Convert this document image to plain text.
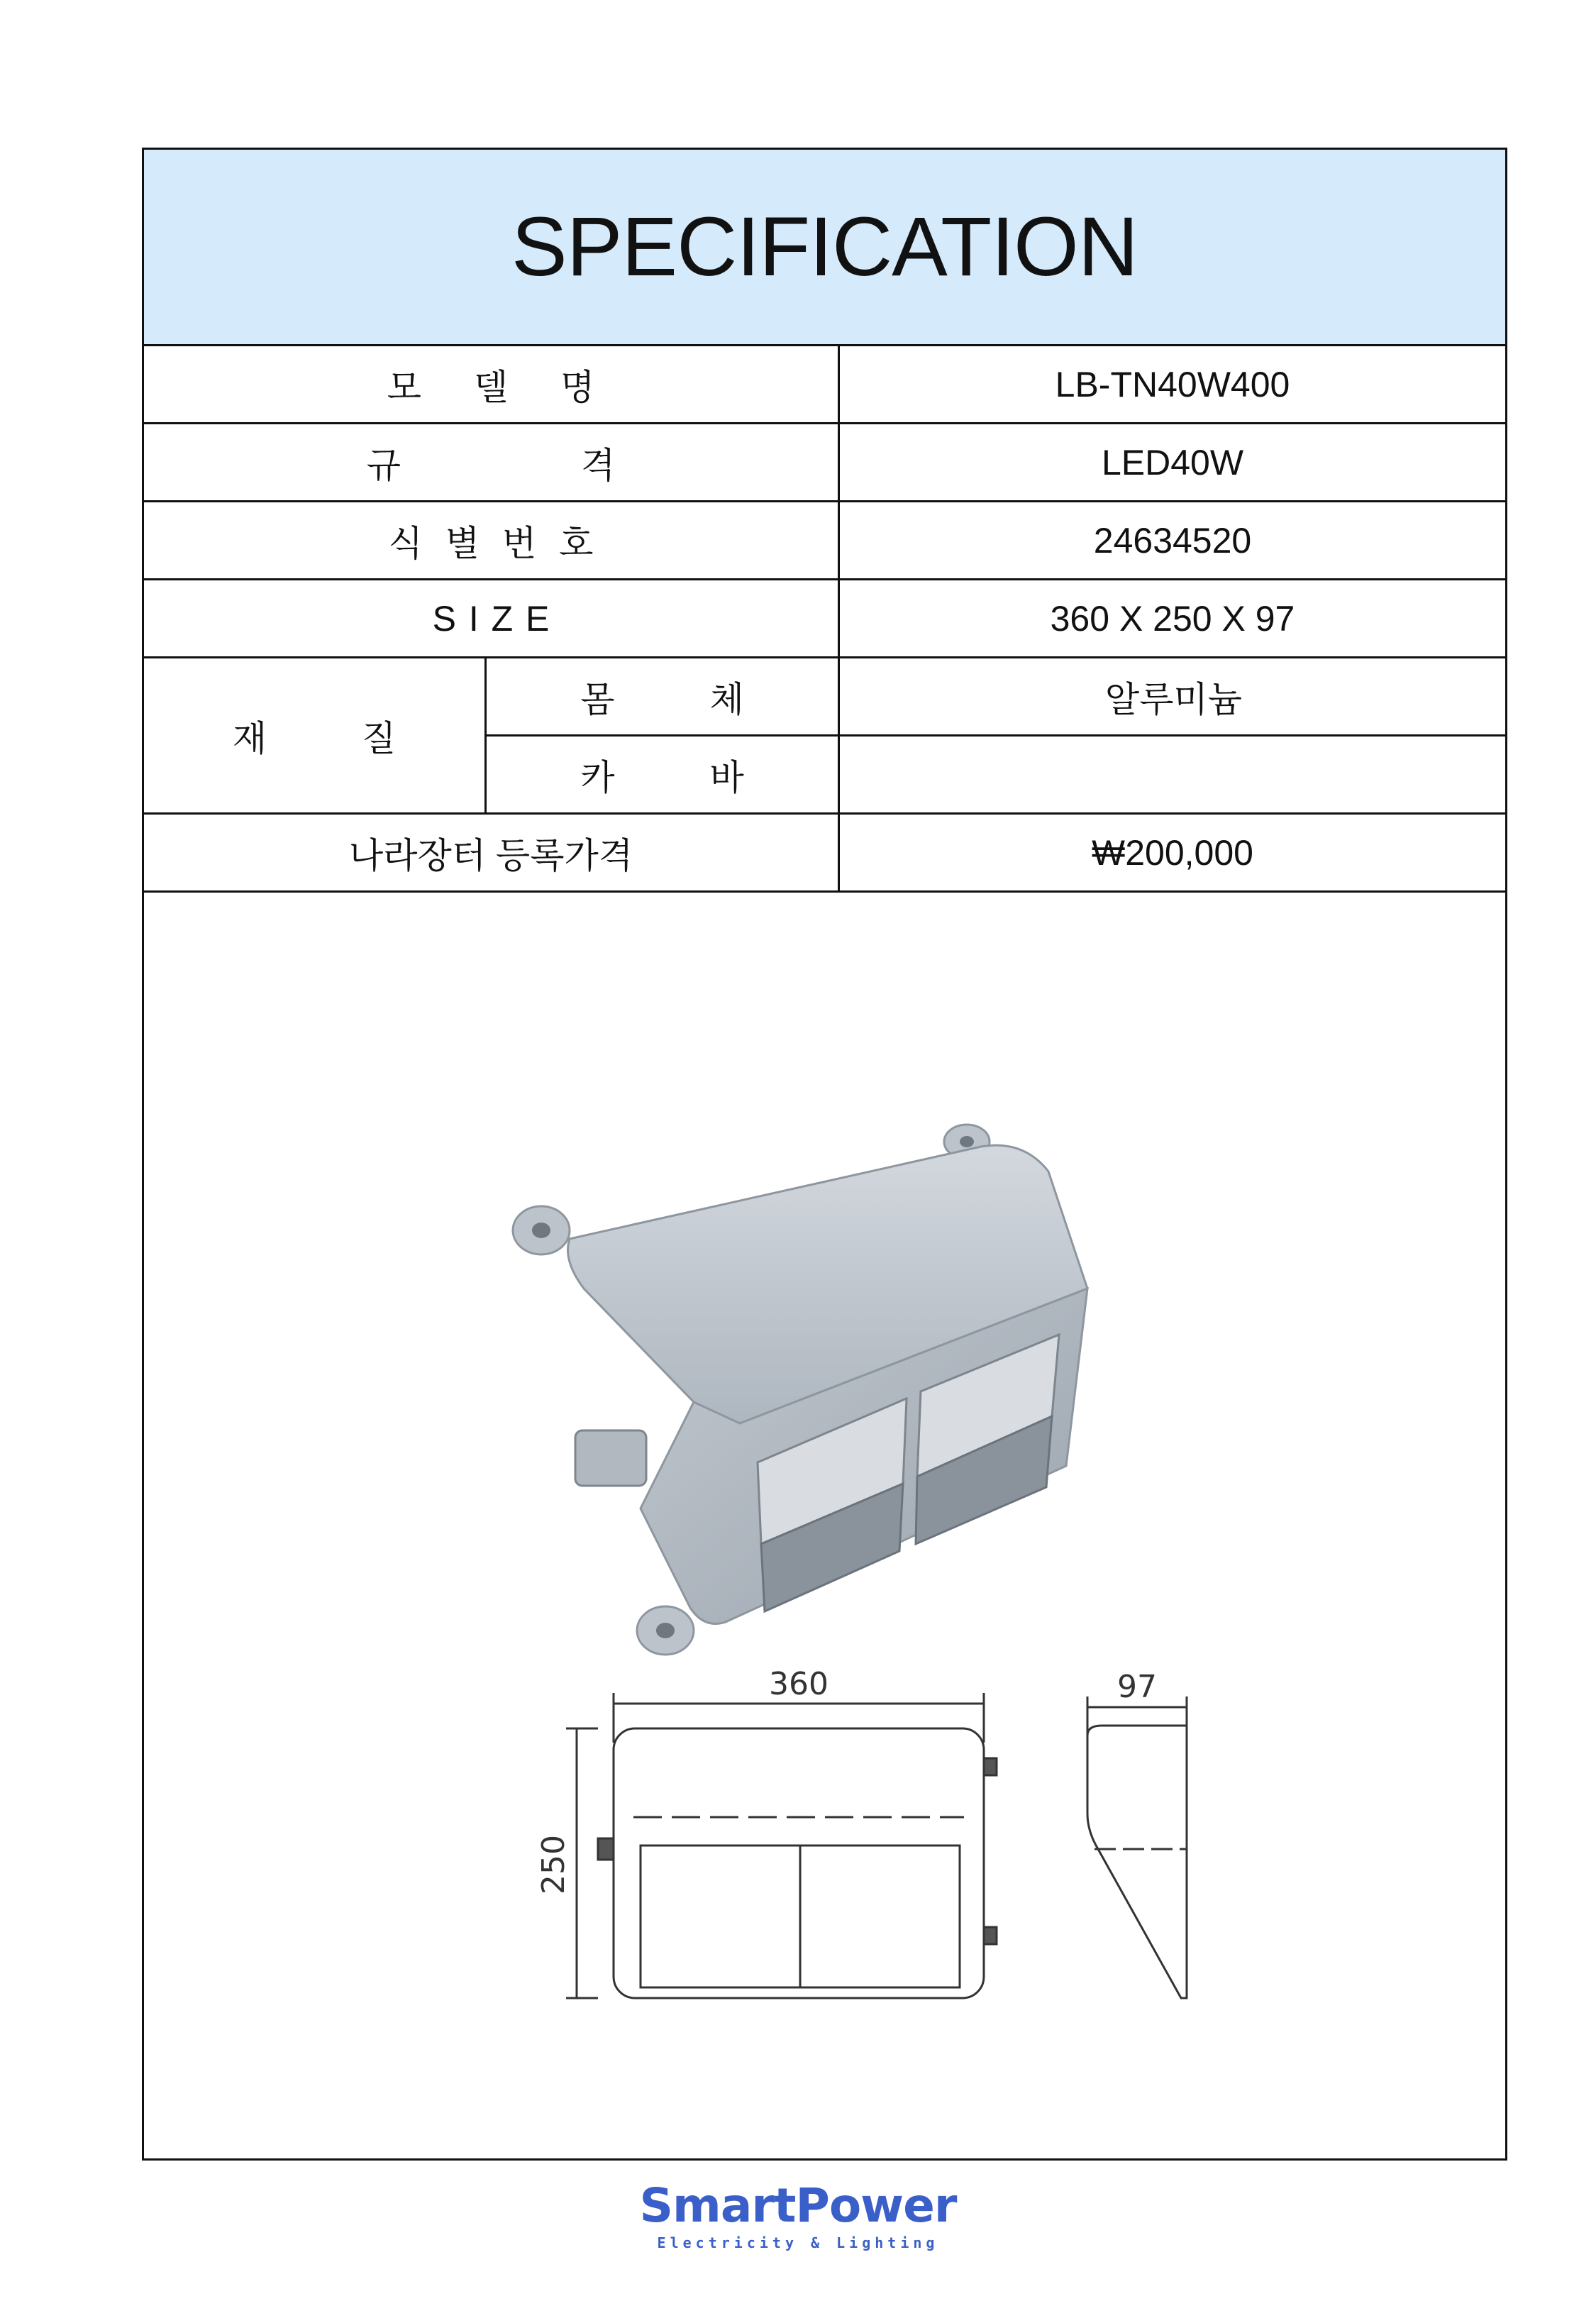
SPECIFICATION
모 델 명	LB-TN40W400
규 격	LED40W
식 별 번 호	24634520
S I Z E	360 X 250 X 97
재 질
몸 체	알루미늄
카 바
나라장터 등록가격	₩200,000
360	97
250
SmartPower
Electricity & Lighting
